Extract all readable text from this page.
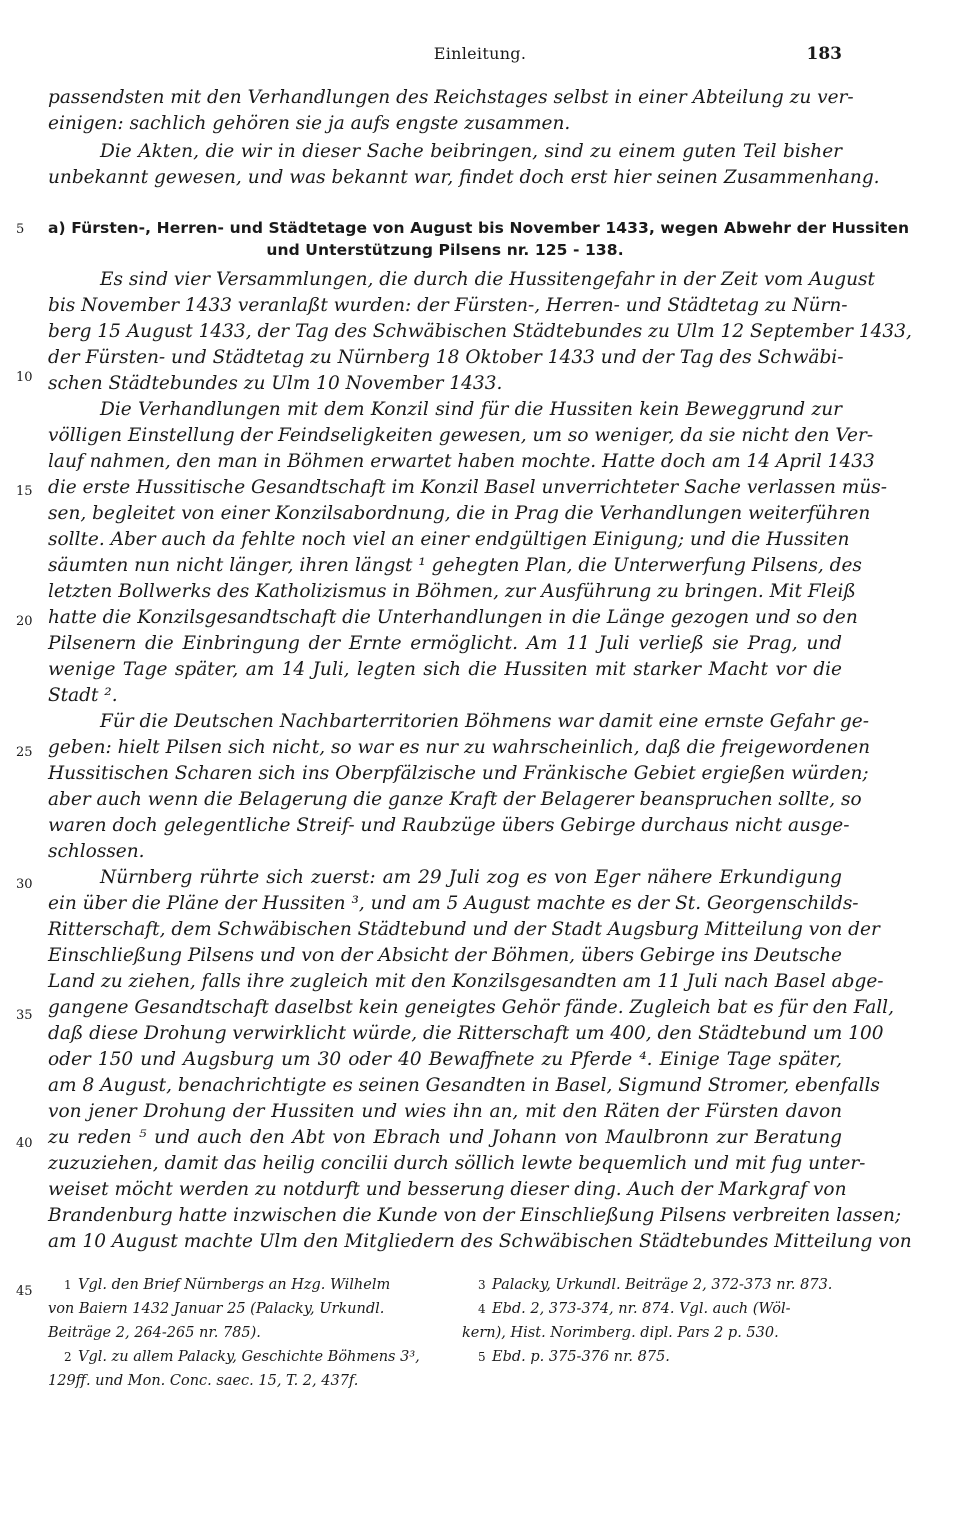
Einleitung.	183
5
10
15
20
25
30
35
40
45
passendsten mit den Verhandlungen des Reichstages selbst in einer Abteilung zu ver-
einigen: sachlich gehören sie ja aufs engste zusammen.
Die Akten, die wir in dieser Sache beibringen, sind zu einem guten Teil bisher
unbekannt gewesen, und was bekannt war, findet doch erst hier seinen Zusammenhang.
a) Fürsten-, Herren- und Städtetage von August bis November 1433, wegen Abwehr der Hussiten
und Unterstützung Pilsens nr. 125 - 138.
Es sind vier Versammlungen, die durch die Hussitengefahr in der Zeit vom August
bis November 1433 veranlaßt wurden: der Fürsten-, Herren- und Städtetag zu Nürn-
berg 15 August 1433, der Tag des Schwäbischen Städtebundes zu Ulm 12 September 1433,
der Fürsten- und Städtetag zu Nürnberg 18 Oktober 1433 und der Tag des Schwäbi-
schen Städtebundes zu Ulm 10 November 1433.
Die Verhandlungen mit dem Konzil sind für die Hussiten kein Beweggrund zur
völligen Einstellung der Feindseligkeiten gewesen, um so weniger, da sie nicht den Ver-
lauf nahmen, den man in Böhmen erwartet haben mochte. Hatte doch am 14 April 1433
die erste Hussitische Gesandtschaft im Konzil Basel unverrichteter Sache verlassen müs-
sen, begleitet von einer Konzilsabordnung, die in Prag die Verhandlungen weiterführen
sollte. Aber auch da fehlte noch viel an einer endgültigen Einigung; und die Hussiten
säumten nun nicht länger, ihren längst ¹ gehegten Plan, die Unterwerfung Pilsens, des
letzten Bollwerks des Katholizismus in Böhmen, zur Ausführung zu bringen. Mit Fleiß
hatte die Konzilsgesandtschaft die Unterhandlungen in die Länge gezogen und so den
Pilsenern die Einbringung der Ernte ermöglicht. Am 11 Juli verließ sie Prag, und
wenige Tage später, am 14 Juli, legten sich die Hussiten mit starker Macht vor die
Stadt ².
Für die Deutschen Nachbarterritorien Böhmens war damit eine ernste Gefahr ge-
geben: hielt Pilsen sich nicht, so war es nur zu wahrscheinlich, daß die freigewordenen
Hussitischen Scharen sich ins Oberpfälzische und Fränkische Gebiet ergießen würden;
aber auch wenn die Belagerung die ganze Kraft der Belagerer beanspruchen sollte, so
waren doch gelegentliche Streif- und Raubzüge übers Gebirge durchaus nicht ausge-
schlossen.
Nürnberg rührte sich zuerst: am 29 Juli zog es von Eger nähere Erkundigung
ein über die Pläne der Hussiten ³, und am 5 August machte es der St. Georgenschilds-
Ritterschaft, dem Schwäbischen Städtebund und der Stadt Augsburg Mitteilung von der
Einschließung Pilsens und von der Absicht der Böhmen, übers Gebirge ins Deutsche
Land zu ziehen, falls ihre zugleich mit den Konzilsgesandten am 11 Juli nach Basel abge-
gangene Gesandtschaft daselbst kein geneigtes Gehör fände. Zugleich bat es für den Fall,
daß diese Drohung verwirklicht würde, die Ritterschaft um 400, den Städtebund um 100
oder 150 und Augsburg um 30 oder 40 Bewaffnete zu Pferde ⁴. Einige Tage später,
am 8 August, benachrichtigte es seinen Gesandten in Basel, Sigmund Stromer, ebenfalls
von jener Drohung der Hussiten und wies ihn an, mit den Räten der Fürsten davon
zu reden ⁵ und auch den Abt von Ebrach und Johann von Maulbronn zur Beratung
zuzuziehen, damit das heilig concilii durch söllich lewte bequemlich und mit fug unter-
weiset möcht werden zu notdurft und besserung dieser ding. Auch der Markgraf von
Brandenburg hatte inzwischen die Kunde von der Einschließung Pilsens verbreiten lassen;
am 10 August machte Ulm den Mitgliedern des Schwäbischen Städtebundes Mitteilung von
1 Vgl. den Brief Nürnbergs an Hzg. Wilhelm
von Baiern 1432 Januar 25 (Palacky, Urkundl.
Beiträge 2, 264-265 nr. 785).
2 Vgl. zu allem Palacky, Geschichte Böhmens 3³,
129ff. und Mon. Conc. saec. 15, T. 2, 437f.
3 Palacky, Urkundl. Beiträge 2, 372-373 nr. 873.
4 Ebd. 2, 373-374, nr. 874. Vgl. auch (Wöl-
kern), Hist. Norimberg. dipl. Pars 2 p. 530.
5 Ebd. p. 375-376 nr. 875.
